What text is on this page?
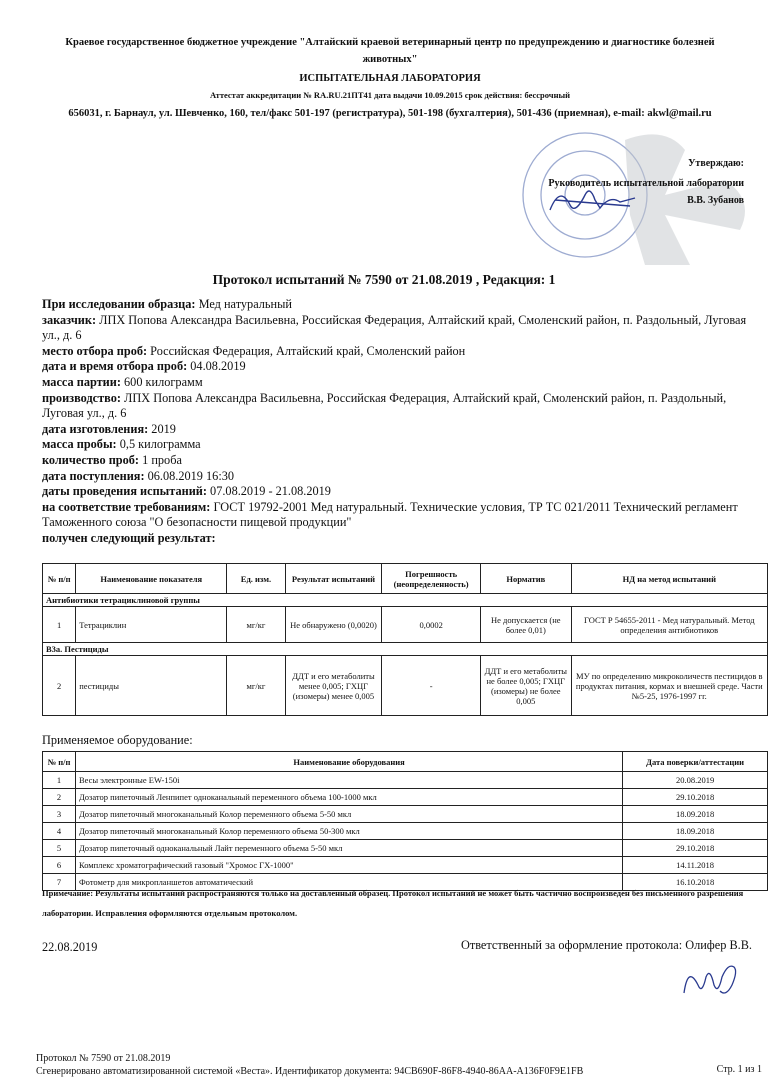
Краевое государственное бюджетное учреждение "Алтайский краевой ветеринарный центр по предупреждению и диагностике болезней животных"
ИСПЫТАТЕЛЬНАЯ ЛАБОРАТОРИЯ
Аттестат аккредитации № RA.RU.21ПТ41 дата выдачи 10.09.2015 срок действия: бессрочный
656031, г. Барнаул, ул. Шевченко, 160, тел/факс 501-197 (регистратура), 501-198 (бухгалтерия), 501-436 (приемная), e-mail: akwl@mail.ru
Утверждаю:
Руководитель испытательной лаборатории
В.В. Зубанов
Протокол испытаний № 7590 от 21.08.2019 , Редакция: 1
При исследовании образца: Мед натуральный
заказчик: ЛПХ Попова Александра Васильевна, Российская Федерация, Алтайский край, Смоленский район, п. Раздольный, Луговая ул., д. 6
место отбора проб: Российская Федерация, Алтайский край, Смоленский район
дата и время отбора проб: 04.08.2019
масса партии: 600 килограмм
производство: ЛПХ Попова Александра Васильевна, Российская Федерация, Алтайский край, Смоленский район, п. Раздольный, Луговая ул., д. 6
дата изготовления: 2019
масса пробы: 0,5 килограмма
количество проб: 1 проба
дата поступления: 06.08.2019 16:30
даты проведения испытаний: 07.08.2019 - 21.08.2019
на соответствие требованиям: ГОСТ 19792-2001 Мед натуральный. Технические условия, ТР ТС 021/2011 Технический регламент Таможенного союза "О безопасности пищевой продукции"
получен следующий результат:
№ п/п	Наименование показателя	Ед. изм.	Результат испытаний	Погрешность (неопределенность)	Норматив	НД на метод испытаний
Антибиотики тетрациклиновой группы						
1	Тетрациклин	мг/кг	Не обнаружено (0,0020)	0,0002	Не допускается (не более 0,01)	ГОСТ Р 54655-2011 - Мед натуральный. Метод определения антибиотиков
В3а. Пестициды						
2	пестициды	мг/кг	ДДТ и его метаболиты менее 0,005; ГХЦГ (изомеры) менее 0,005	-	ДДТ и его метаболиты не более 0,005; ГХЦГ (изомеры) не более 0,005	МУ по определению микроколичеств пестицидов в продуктах питания, кормах и внешней среде. Части №5-25, 1976-1997 гг.
Применяемое оборудование:
№ п/п	Наименование оборудования	Дата поверки/аттестации
1	Весы электронные EW-150i	20.08.2019
2	Дозатор пипеточный Ленпипет одноканальный переменного объема 100-1000 мкл	29.10.2018
3	Дозатор пипеточный многоканальный Колор переменного объема 5-50 мкл	18.09.2018
4	Дозатор пипеточный многоканальный Колор переменного объема 50-300 мкл	18.09.2018
5	Дозатор пипеточный одноканальный Лайт переменного объема 5-50 мкл	29.10.2018
6	Комплекс хроматографический газовый "Хромос ГХ-1000"	14.11.2018
7	Фотометр для микропланшетов автоматический	16.10.2018
Примечание: Результаты испытаний распространяются только на доставленный образец. Протокол испытаний не может быть частично воспроизведен без письменного разрешения лаборатории. Исправления оформляются отдельным протоколом.
22.08.2019	Ответственный за оформление протокола: Олифер В.В.
Протокол № 7590 от 21.08.2019
Сгенерировано автоматизированной системой «Веста». Идентификатор документа: 94CB690F-86F8-4940-86AA-A136F0F9E1FB	Стр. 1 из 1
